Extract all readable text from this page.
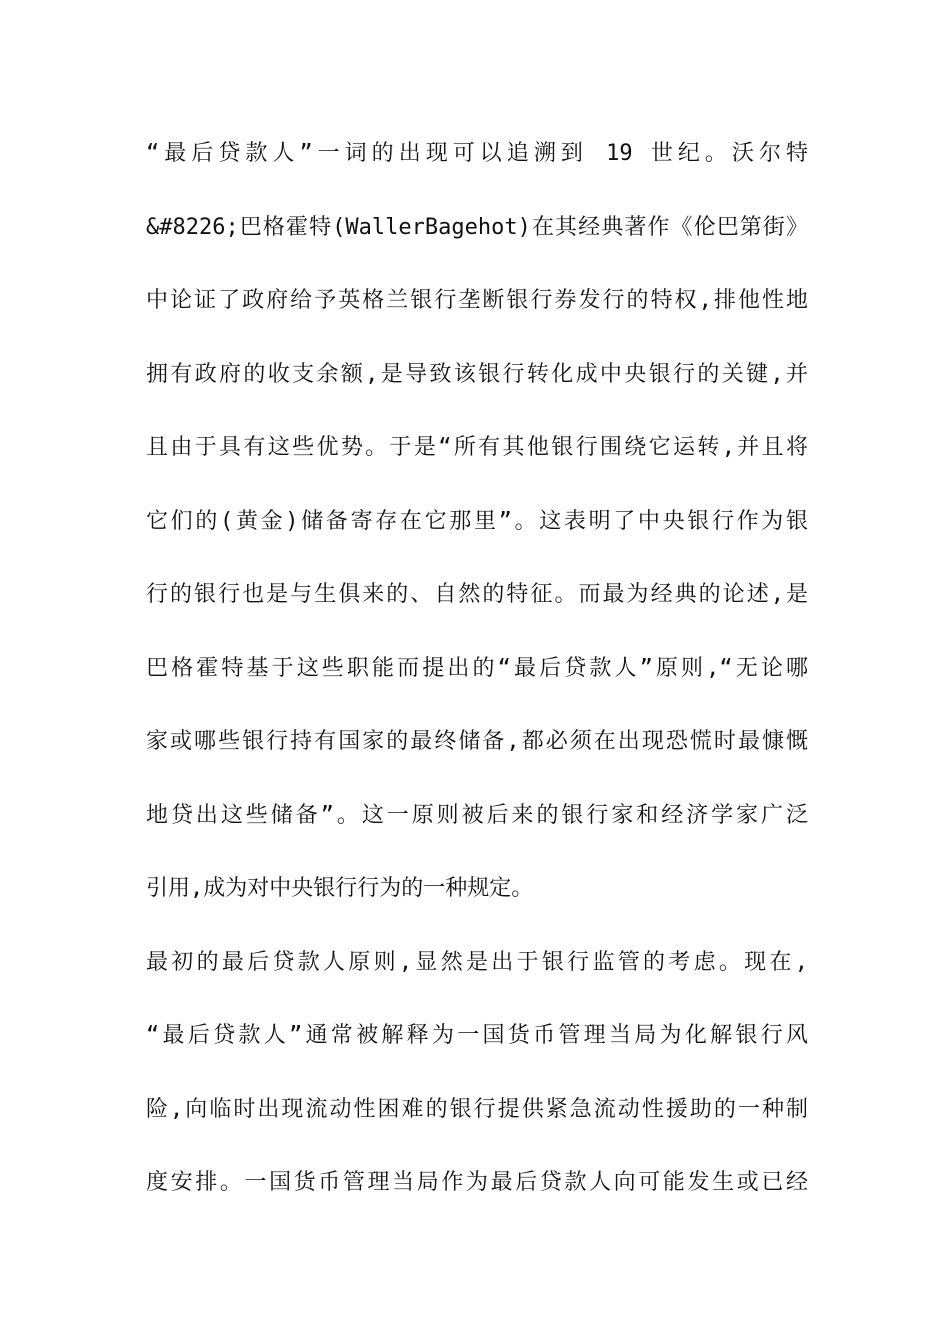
“最后贷款人”一词的出现可以追溯到 19 世纪。沃尔特
&#8226;巴格霍特(WallerBagehot)在其经典著作《伦巴第街》
中论证了政府给予英格兰银行垄断银行券发行的特权,排他性地
拥有政府的收支余额,是导致该银行转化成中央银行的关键,并
且由于具有这些优势。于是“所有其他银行围绕它运转,并且将
它们的(黄金)储备寄存在它那里”。这表明了中央银行作为银
行的银行也是与生俱来的、自然的特征。而最为经典的论述,是
巴格霍特基于这些职能而提出的“最后贷款人”原则,“无论哪
家或哪些银行持有国家的最终储备,都必须在出现恐慌时最慷慨
地贷出这些储备”。这一原则被后来的银行家和经济学家广泛
引用,成为对中央银行行为的一种规定。
最初的最后贷款人原则,显然是出于银行监管的考虑。现在,
“最后贷款人”通常被解释为一国货币管理当局为化解银行风
险,向临时出现流动性困难的银行提供紧急流动性援助的一种制
度安排。一国货币管理当局作为最后贷款人向可能发生或已经
